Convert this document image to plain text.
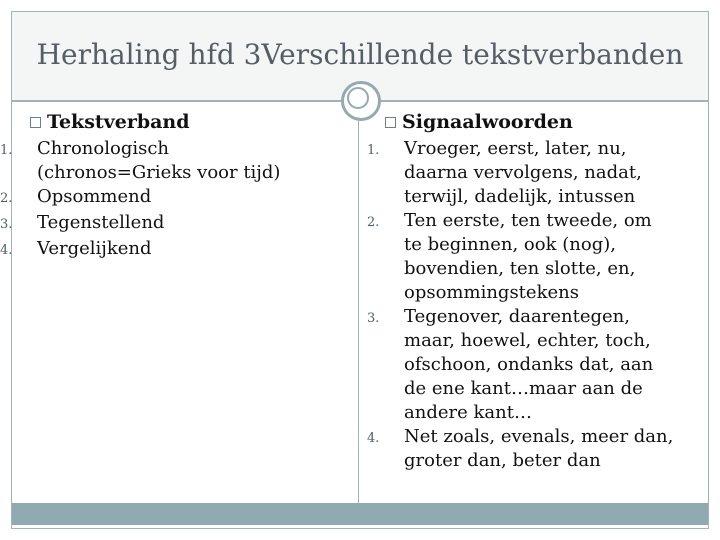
Herhaling hfd 3Verschillende tekstverbanden
Tekstverband
1.	Chronologisch
(chronos=Grieks voor tijd)
2.	Opsommend
3.	Tegenstellend
4.	Vergelijkend
Signaalwoorden
1.	Vroeger, eerst, later, nu,
daarna vervolgens, nadat,
terwijl, dadelijk, intussen
2.	Ten eerste, ten tweede, om
te beginnen, ook (nog),
bovendien, ten slotte, en,
opsommingstekens
3.	Tegenover, daarentegen,
maar, hoewel, echter, toch,
ofschoon, ondanks dat, aan
de ene kant…maar aan de
andere kant…
4.	Net zoals, evenals, meer dan,
groter dan, beter dan
